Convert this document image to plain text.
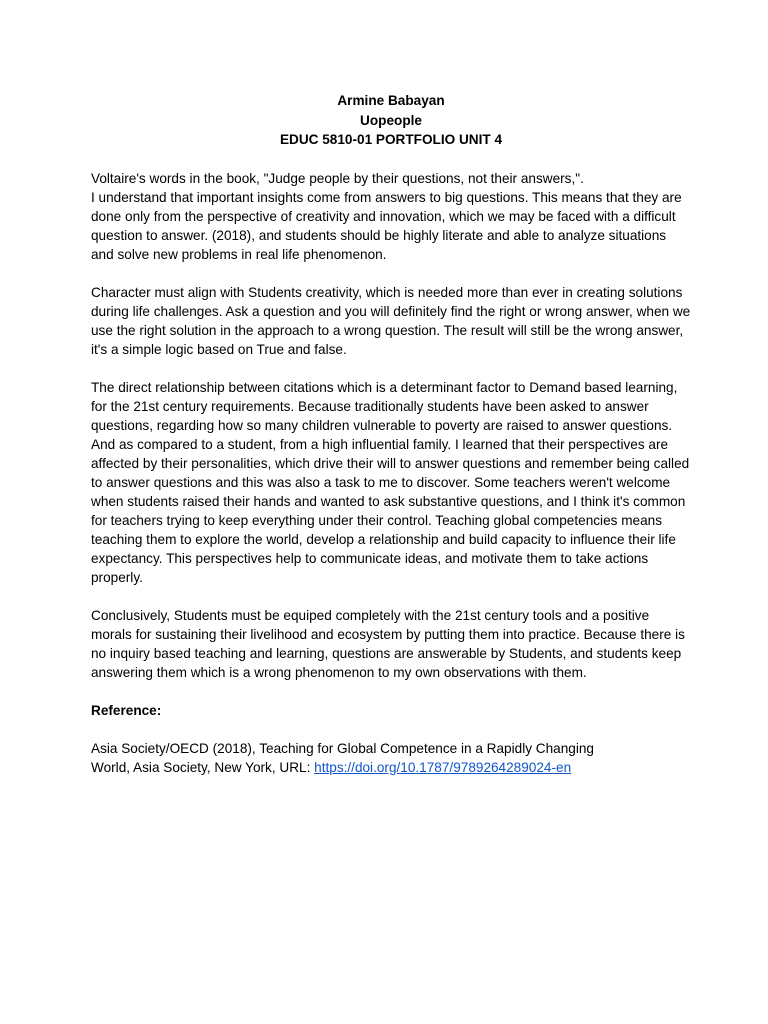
Armine Babayan
Uopeople
EDUC 5810-01 PORTFOLIO UNIT 4

Voltaire's words in the book, "Judge people by their questions, not their answers,".
I understand that important insights come from answers to big questions. This means that they are done only from the perspective of creativity and innovation, which we may be faced with a difficult question to answer. (2018), and students should be highly literate and able to analyze situations and solve new problems in real life phenomenon.

Character must align with Students creativity, which is needed more than ever in creating solutions during life challenges. Ask a question and you will definitely find the right or wrong answer, when we use the right solution in the approach to a wrong question. The result will still be the wrong answer, it's a simple logic based on True and false.

The direct relationship between citations which is a determinant factor to Demand based learning, for the 21st century requirements. Because traditionally students have been asked to answer questions, regarding how so many children vulnerable to poverty are raised to answer questions. And as compared to a student, from a high influential family. I learned that their perspectives are affected by their personalities, which drive their will to answer questions and remember being called to answer questions and this was also a task to me to discover. Some teachers weren't welcome when students raised their hands and wanted to ask substantive questions, and I think it's common for teachers trying to keep everything under their control. Teaching global competencies means teaching them to explore the world, develop a relationship and build capacity to influence their life expectancy. This perspectives help to communicate ideas, and motivate them to take actions properly.

Conclusively, Students must be equiped completely with the 21st century tools and a positive morals for sustaining their livelihood and ecosystem by putting them into practice. Because there is no inquiry based teaching and learning, questions are answerable by Students, and students keep answering them which is a wrong phenomenon to my own observations with them.

Reference:

Asia Society/OECD (2018), Teaching for Global Competence in a Rapidly Changing
World, Asia Society, New York, URL: https://doi.org/10.1787/9789264289024-en
